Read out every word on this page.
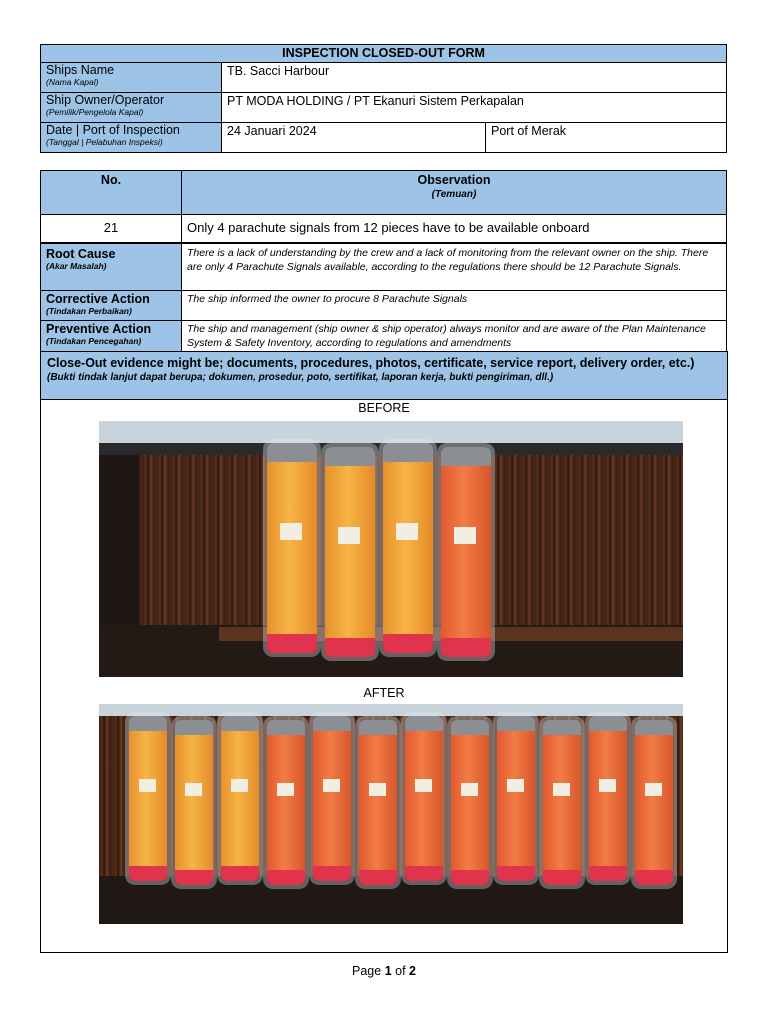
INSPECTION CLOSED-OUT FORM		

Ships Name
(Nama Kapal)	TB. Sacci Harbour	

Ship Owner/Operator
(Pemilik/Pengelola Kapal)	PT MODA HOLDING / PT Ekanuri Sistem Perkapalan	

Date | Port of Inspection
(Tanggal | Pelabuhan Inspeksi)	24 Januari 2024	Port of Merak
No.	Observation
(Temuan)

21	Only 4 parachute signals from 12 pieces have to be available onboard
Root Cause
(Akar Masalah)	There is a lack of understanding by the crew and a lack of monitoring from the relevant owner on the ship. There are only 4 Parachute Signals available, according to the regulations there should be 12 Parachute Signals.

Corrective Action
(Tindakan Perbaikan)	The ship informed the owner to procure 8 Parachute Signals

Preventive Action
(Tindakan Pencegahan)	The ship and management (ship owner & ship operator) always monitor and are aware of the Plan Maintenance System & Safety Inventory, according to regulations and amendments
Close-Out evidence might be; documents, procedures, photos, certificate, service report, delivery order, etc.)
(Bukti tindak lanjut dapat berupa; dokumen, prosedur, poto, sertifikat, laporan kerja, bukti pengiriman, dll.)
BEFORE
AFTER
Page 1 of 2
